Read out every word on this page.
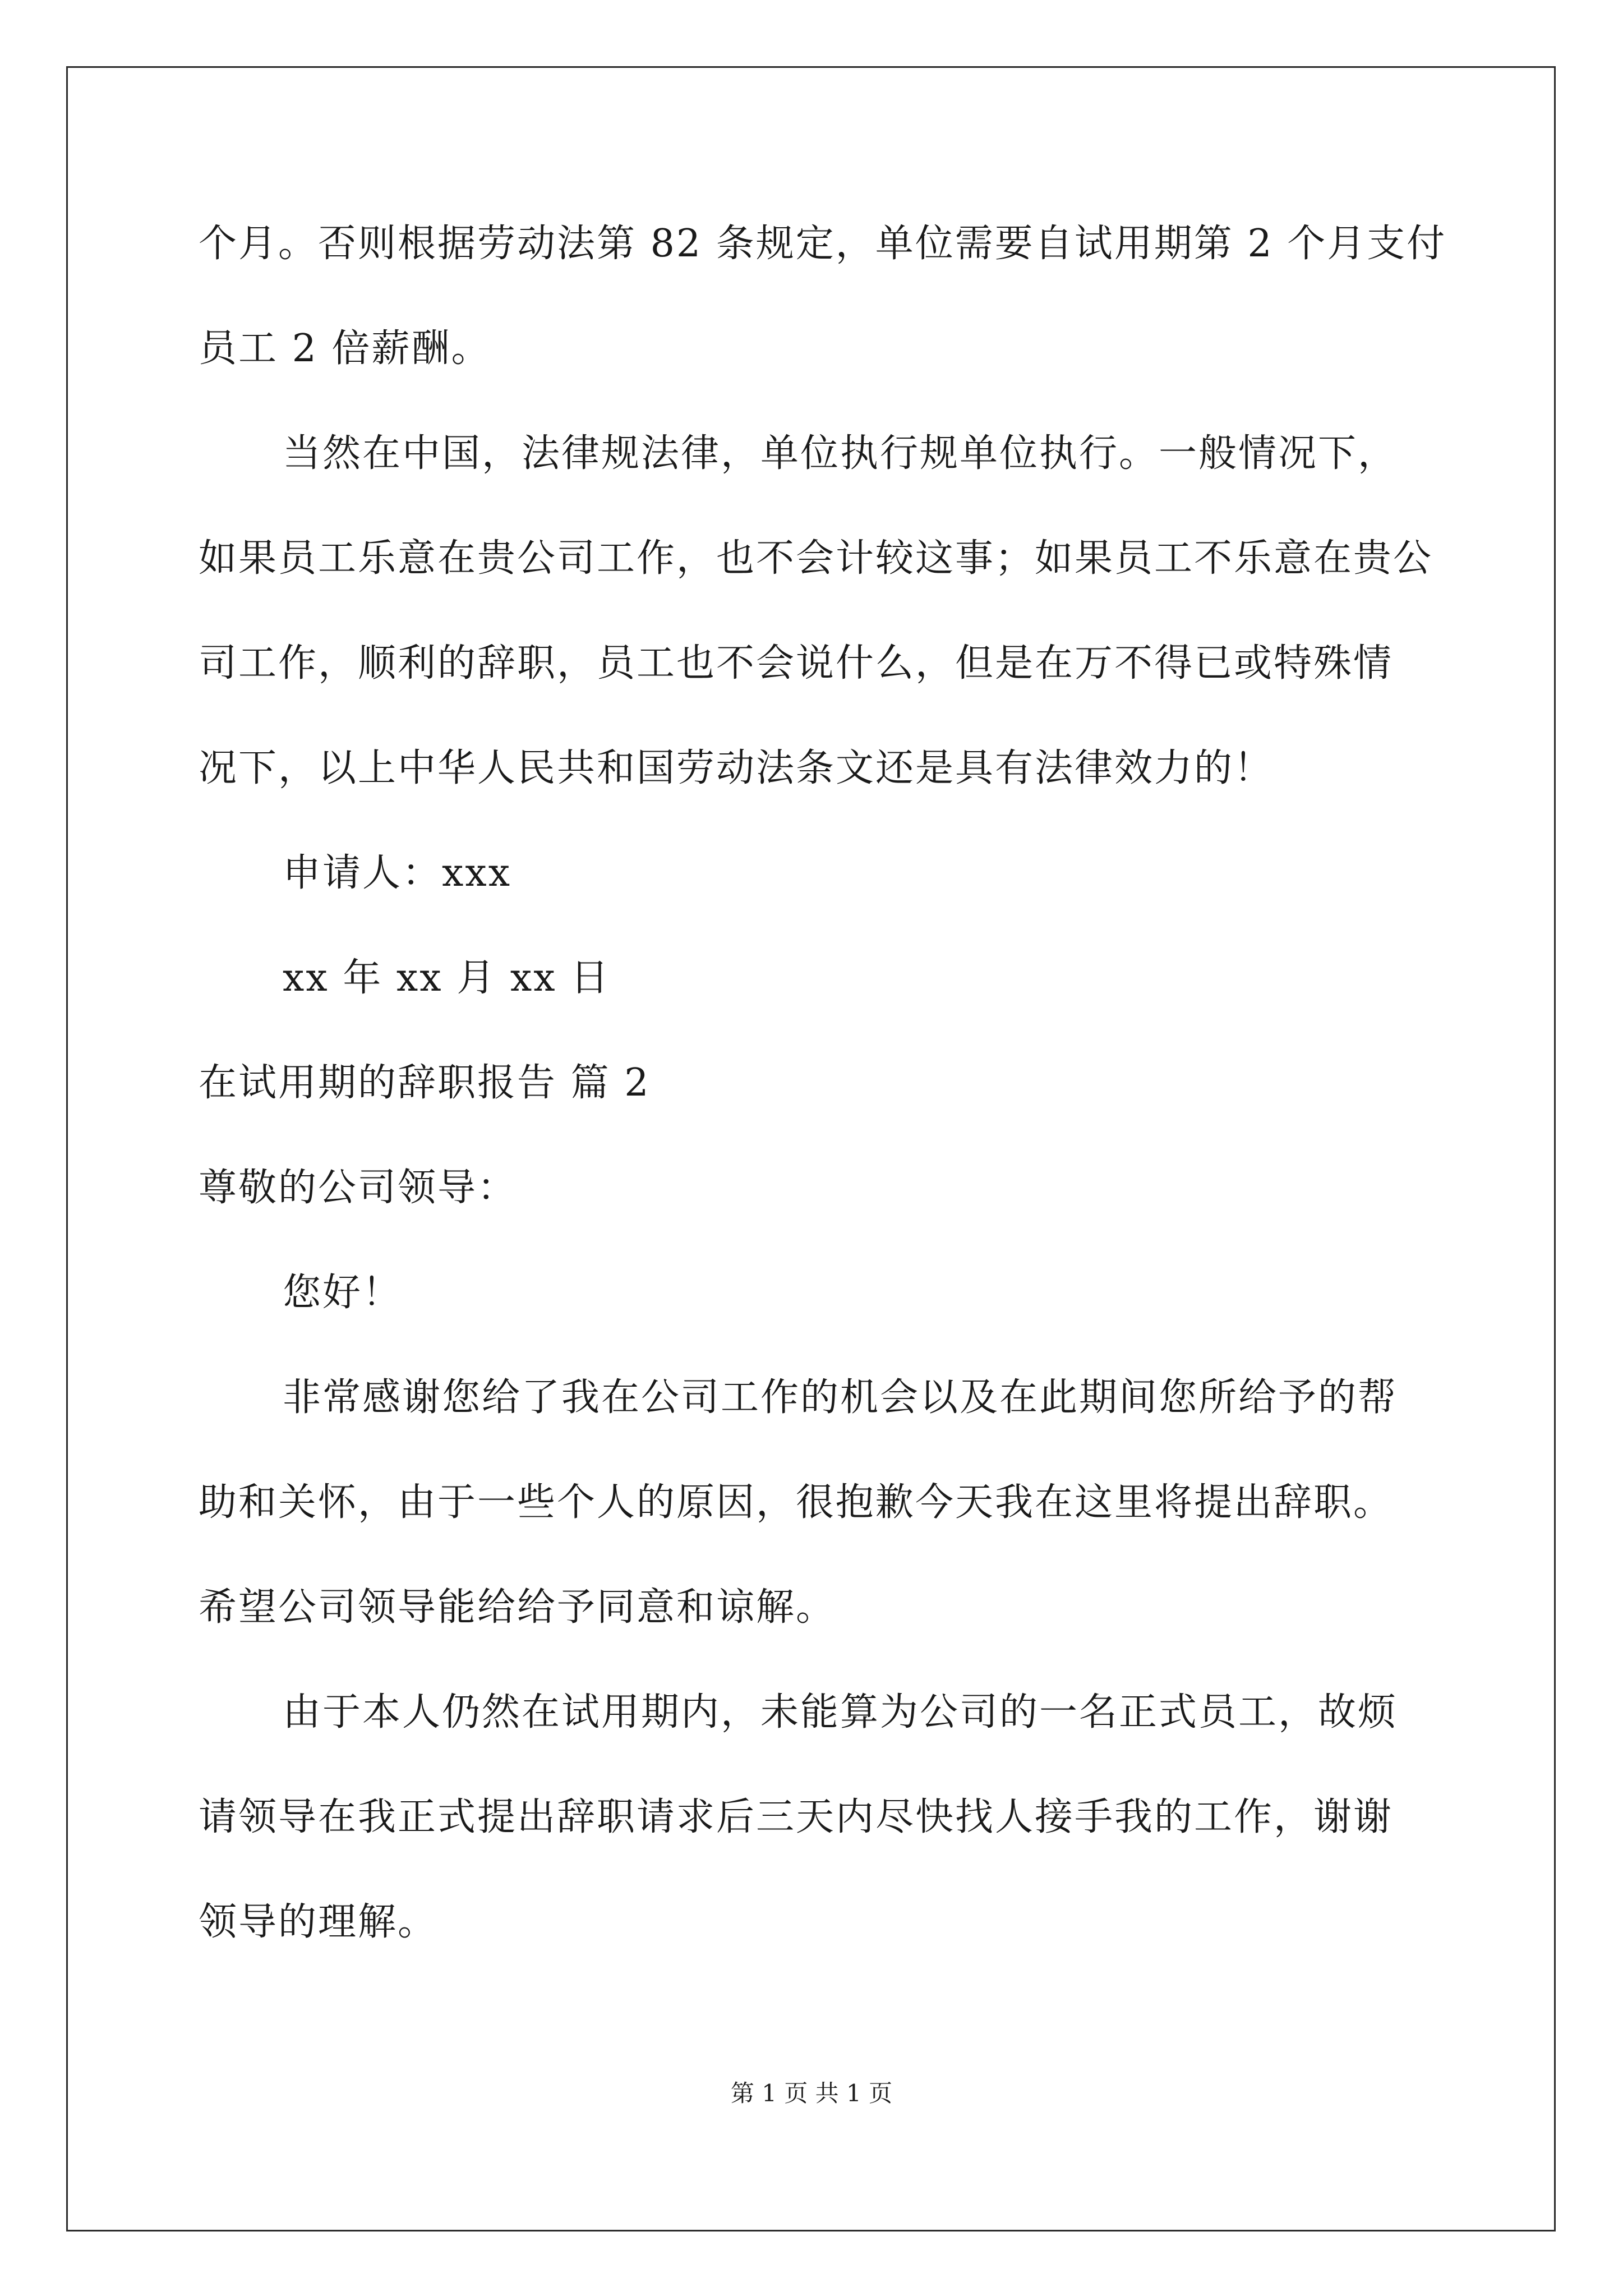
个月。否则根据劳动法第 82 条规定，单位需要自试用期第 2 个月支付

员工 2 倍薪酬。

当然在中国，法律规法律，单位执行规单位执行。一般情况下，

如果员工乐意在贵公司工作，也不会计较这事；如果员工不乐意在贵公

司工作，顺利的辞职，员工也不会说什么，但是在万不得已或特殊情

况下，以上中华人民共和国劳动法条文还是具有法律效力的！

申请人：xxx

xx 年 xx 月 xx 日

在试用期的辞职报告 篇 2

尊敬的公司领导：

您好！

非常感谢您给了我在公司工作的机会以及在此期间您所给予的帮

助和关怀，由于一些个人的原因，很抱歉今天我在这里将提出辞职。

希望公司领导能给给予同意和谅解。

由于本人仍然在试用期内，未能算为公司的一名正式员工，故烦

请领导在我正式提出辞职请求后三天内尽快找人接手我的工作，谢谢

领导的理解。

第 1 页 共 1 页
